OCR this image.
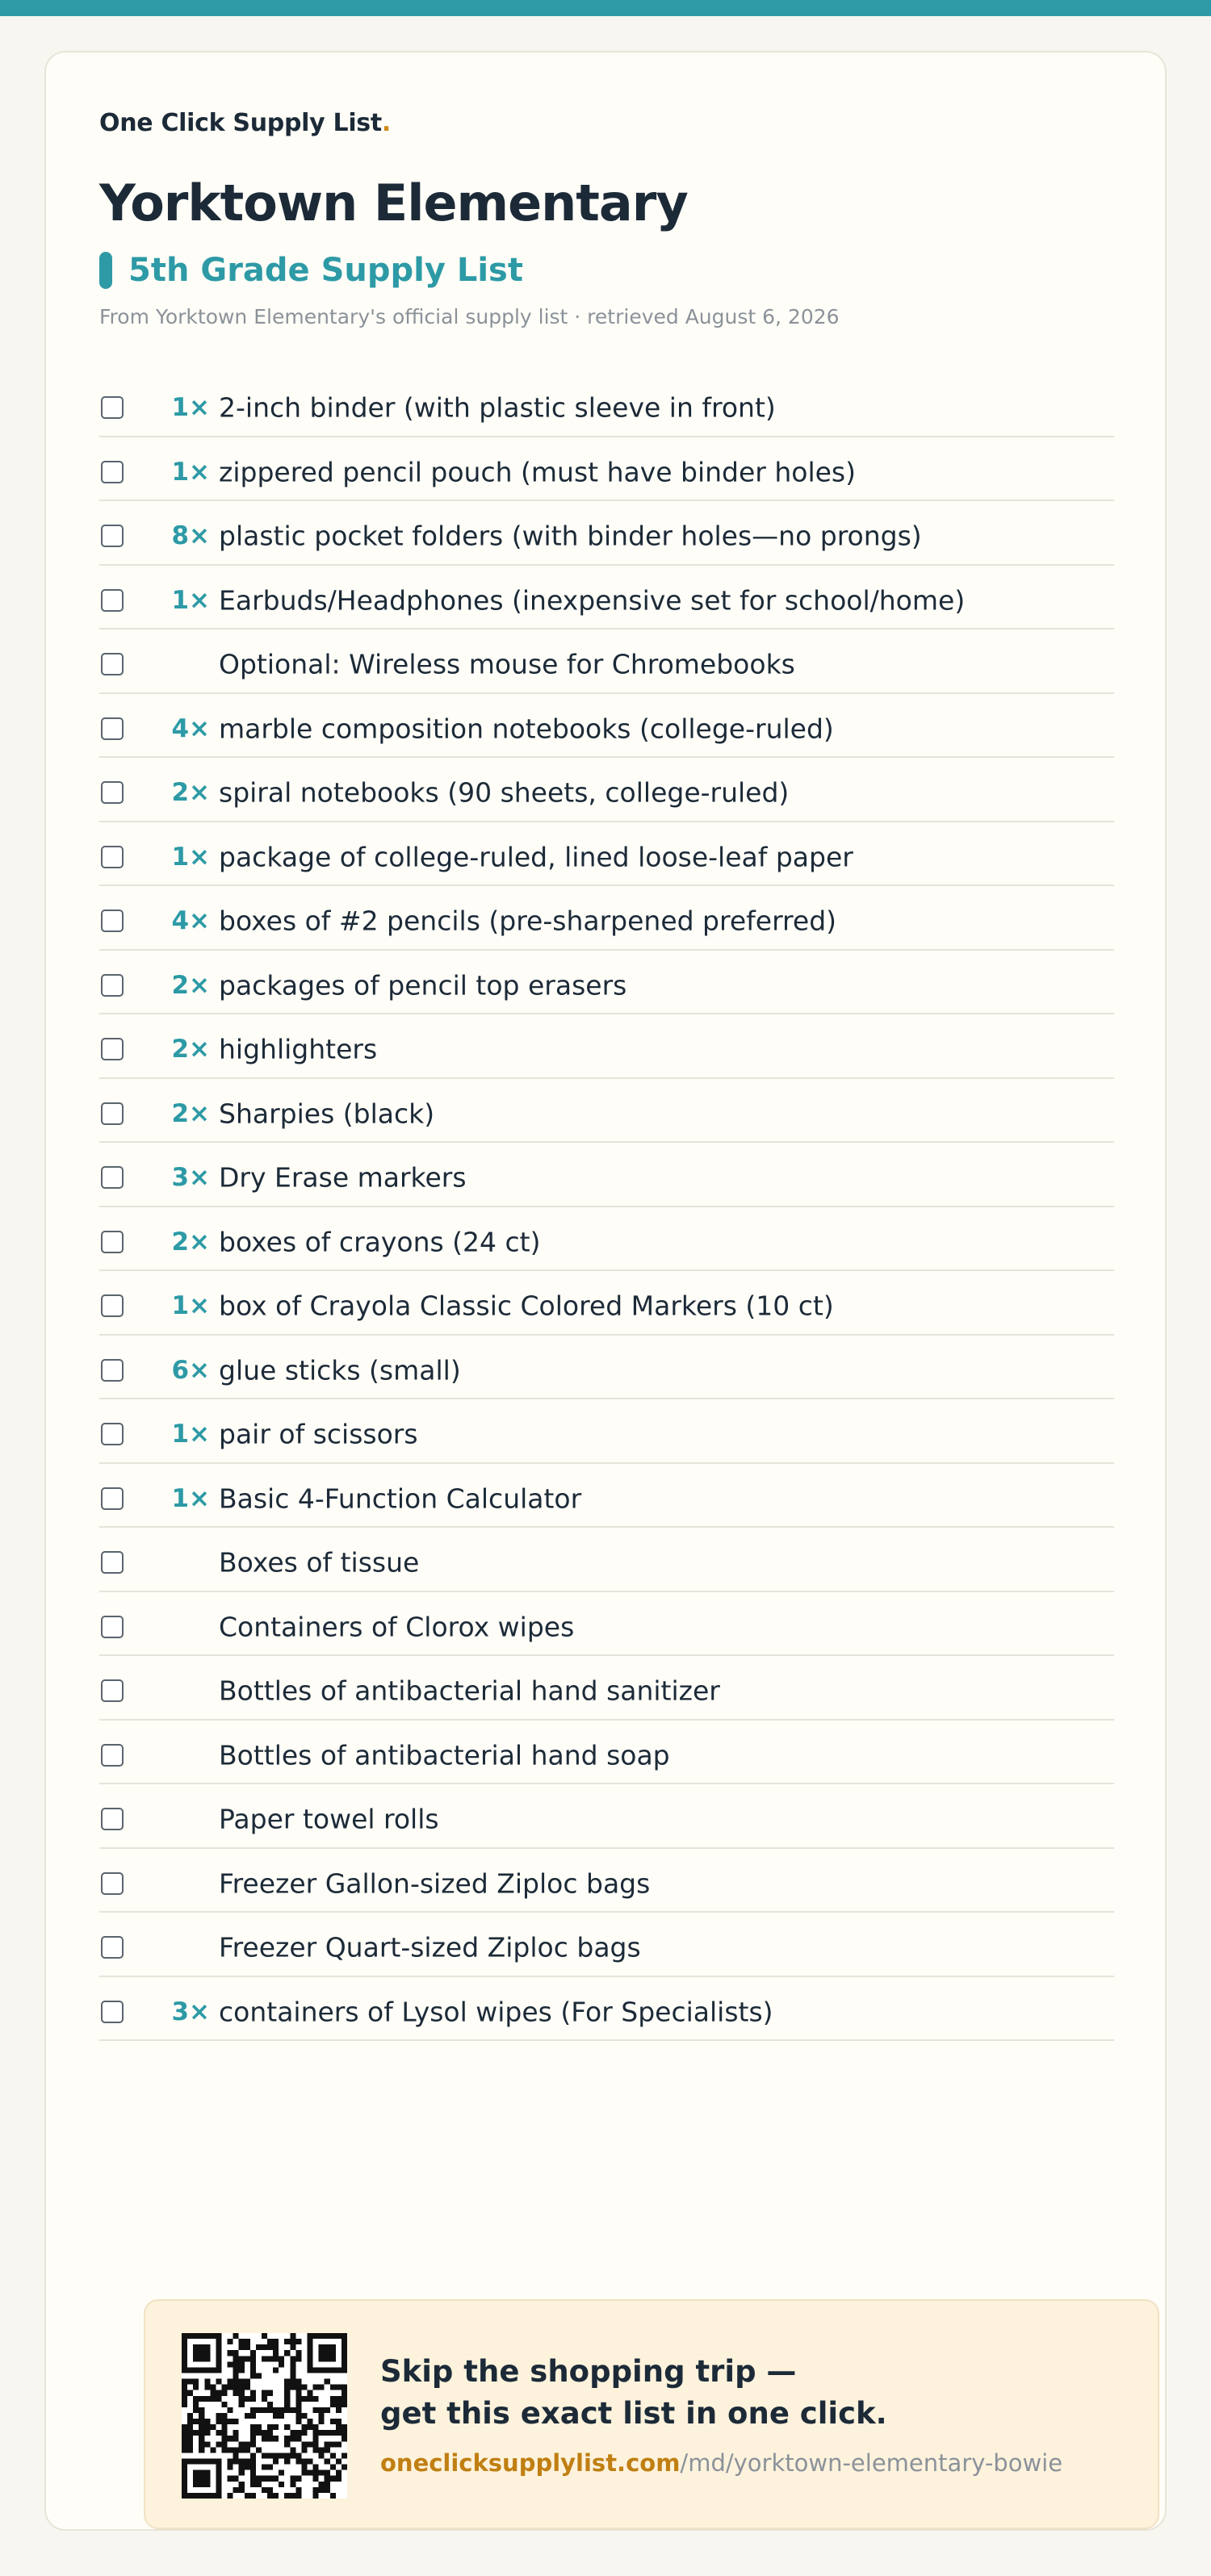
One Click Supply List.
Yorktown Elementary
5th Grade Supply List
From Yorktown Elementary's official supply list · retrieved August 6, 2026
1× 2-inch binder (with plastic sleeve in front)
1× zippered pencil pouch (must have binder holes)
8× plastic pocket folders (with binder holes—no prongs)
1× Earbuds/Headphones (inexpensive set for school/home)
Optional: Wireless mouse for Chromebooks
4× marble composition notebooks (college-ruled)
2× spiral notebooks (90 sheets, college-ruled)
1× package of college-ruled, lined loose-leaf paper
4× boxes of #2 pencils (pre-sharpened preferred)
2× packages of pencil top erasers
2× highlighters
2× Sharpies (black)
3× Dry Erase markers
2× boxes of crayons (24 ct)
1× box of Crayola Classic Colored Markers (10 ct)
6× glue sticks (small)
1× pair of scissors
1× Basic 4-Function Calculator
Boxes of tissue
Containers of Clorox wipes
Bottles of antibacterial hand sanitizer
Bottles of antibacterial hand soap
Paper towel rolls
Freezer Gallon-sized Ziploc bags
Freezer Quart-sized Ziploc bags
3× containers of Lysol wipes (For Specialists)
Skip the shopping trip —
get this exact list in one click.
oneclicksupplylist.com/md/yorktown-elementary-bowie
